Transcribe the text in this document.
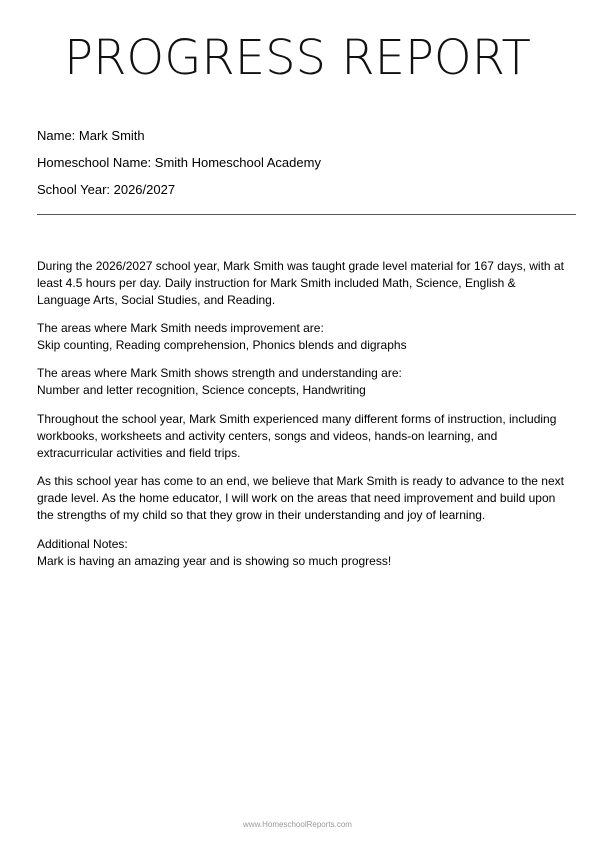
PROGRESS REPORT
Name: Mark Smith
Homeschool Name: Smith Homeschool Academy
School Year: 2026/2027

During the 2026/2027 school year, Mark Smith was taught grade level material for 167 days, with at least 4.5 hours per day. Daily instruction for Mark Smith included Math, Science, English & Language Arts, Social Studies, and Reading.

The areas where Mark Smith needs improvement are:
Skip counting, Reading comprehension, Phonics blends and digraphs
The areas where Mark Smith shows strength and understanding are:
Number and letter recognition, Science concepts, Handwriting

Throughout the school year, Mark Smith experienced many different forms of instruction, including workbooks, worksheets and activity centers, songs and videos, hands-on learning, and extracurricular activities and field trips.

As this school year has come to an end, we believe that Mark Smith is ready to advance to the next grade level. As the home educator, I will work on the areas that need improvement and build upon the strengths of my child so that they grow in their understanding and joy of learning.

Additional Notes:
Mark is having an amazing year and is showing so much progress!
www.HomeschoolReports.com
